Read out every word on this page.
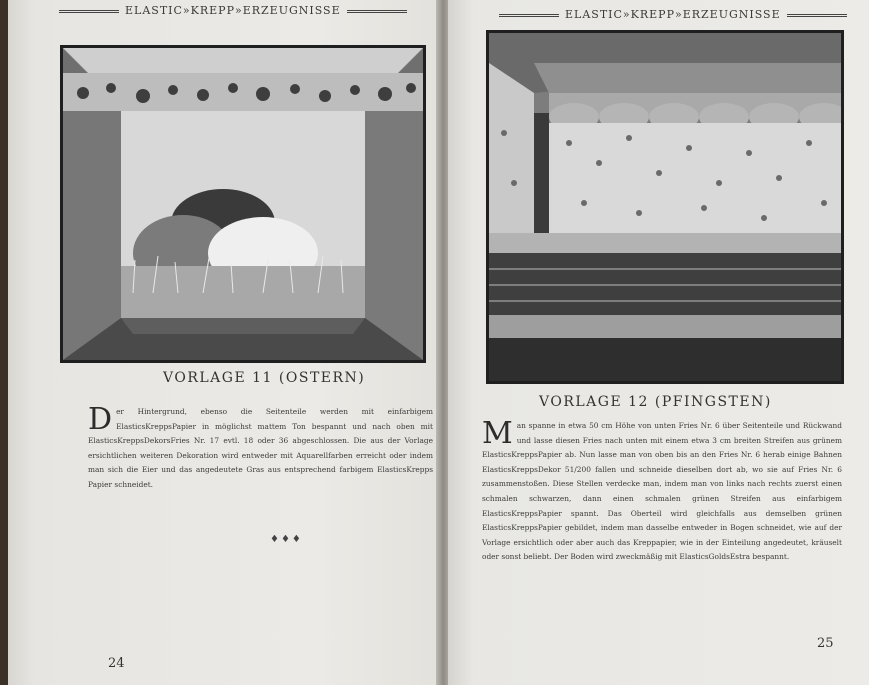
ELASTIC»KREPP»ERZEUGNISSE
VORLAGE 11 (OSTERN)
Der Hintergrund, ebenso die Seitenteile werden mit einfarbigem ElasticsKreppsPapier in möglichst mattem Ton bespannt und nach oben mit ElasticsKreppsDekorsFries Nr. 17 evtl. 18 oder 36 abgeschlossen. Die aus der Vorlage ersichtlichen weiteren Dekoration wird entweder mit Aquarellfarben erreicht oder indem man sich die Eier und das angedeutete Gras aus entsprechend farbigem ElasticsKrepps Papier schneidet.
♦♦♦
24
ELASTIC»KREPP»ERZEUGNISSE
VORLAGE 12 (PFINGSTEN)
Man spanne in etwa 50 cm Höhe von unten Fries Nr. 6 über Seitenteile und Rückwand und lasse diesen Fries nach unten mit einem etwa 3 cm breiten Streifen aus grünem ElasticsKreppsPapier ab. Nun lasse man von oben bis an den Fries Nr. 6 herab einige Bahnen ElasticsKreppsDekor 51/200 fallen und schneide dieselben dort ab, wo sie auf Fries Nr. 6 zusammenstoßen. Diese Stellen verdecke man, indem man von links nach rechts zuerst einen schmalen schwarzen, dann einen schmalen grünen Streifen aus einfarbigem ElasticsKreppsPapier spannt. Das Oberteil wird gleichfalls aus demselben grünen ElasticsKreppsPapier gebildet, indem man dasselbe entweder in Bogen schneidet, wie auf der Vorlage ersichtlich oder aber auch das Kreppapier, wie in der Einteilung angedeutet, kräuselt oder sonst beliebt. Der Boden wird zweckmäßig mit ElasticsGoldsEstra bespannt.
25
